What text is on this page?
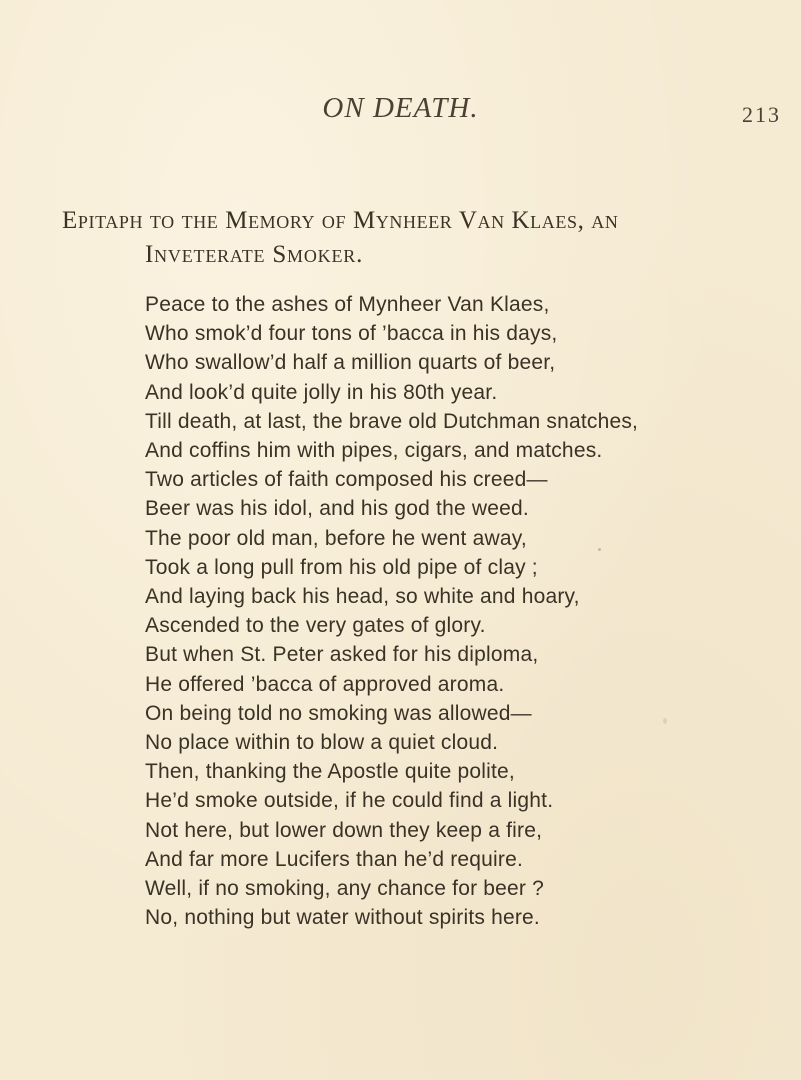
ON DEATH.	213
Epitaph to the Memory of Mynheer Van Klaes, an
Inveterate Smoker.
Peace to the ashes of Mynheer Van Klaes,
Who smok’d four tons of ’bacca in his days,
Who swallow’d half a million quarts of beer,
And look’d quite jolly in his 80th year.
Till death, at last, the brave old Dutchman snatches,
And coffins him with pipes, cigars, and matches.
Two articles of faith composed his creed—
Beer was his idol, and his god the weed.
The poor old man, before he went away,
Took a long pull from his old pipe of clay ;
And laying back his head, so white and hoary,
Ascended to the very gates of glory.
But when St. Peter asked for his diploma,
He offered ’bacca of approved aroma.
On being told no smoking was allowed—
No place within to blow a quiet cloud.
Then, thanking the Apostle quite polite,
He’d smoke outside, if he could find a light.
Not here, but lower down they keep a fire,
And far more Lucifers than he’d require.
Well, if no smoking, any chance for beer ?
No, nothing but water without spirits here.
